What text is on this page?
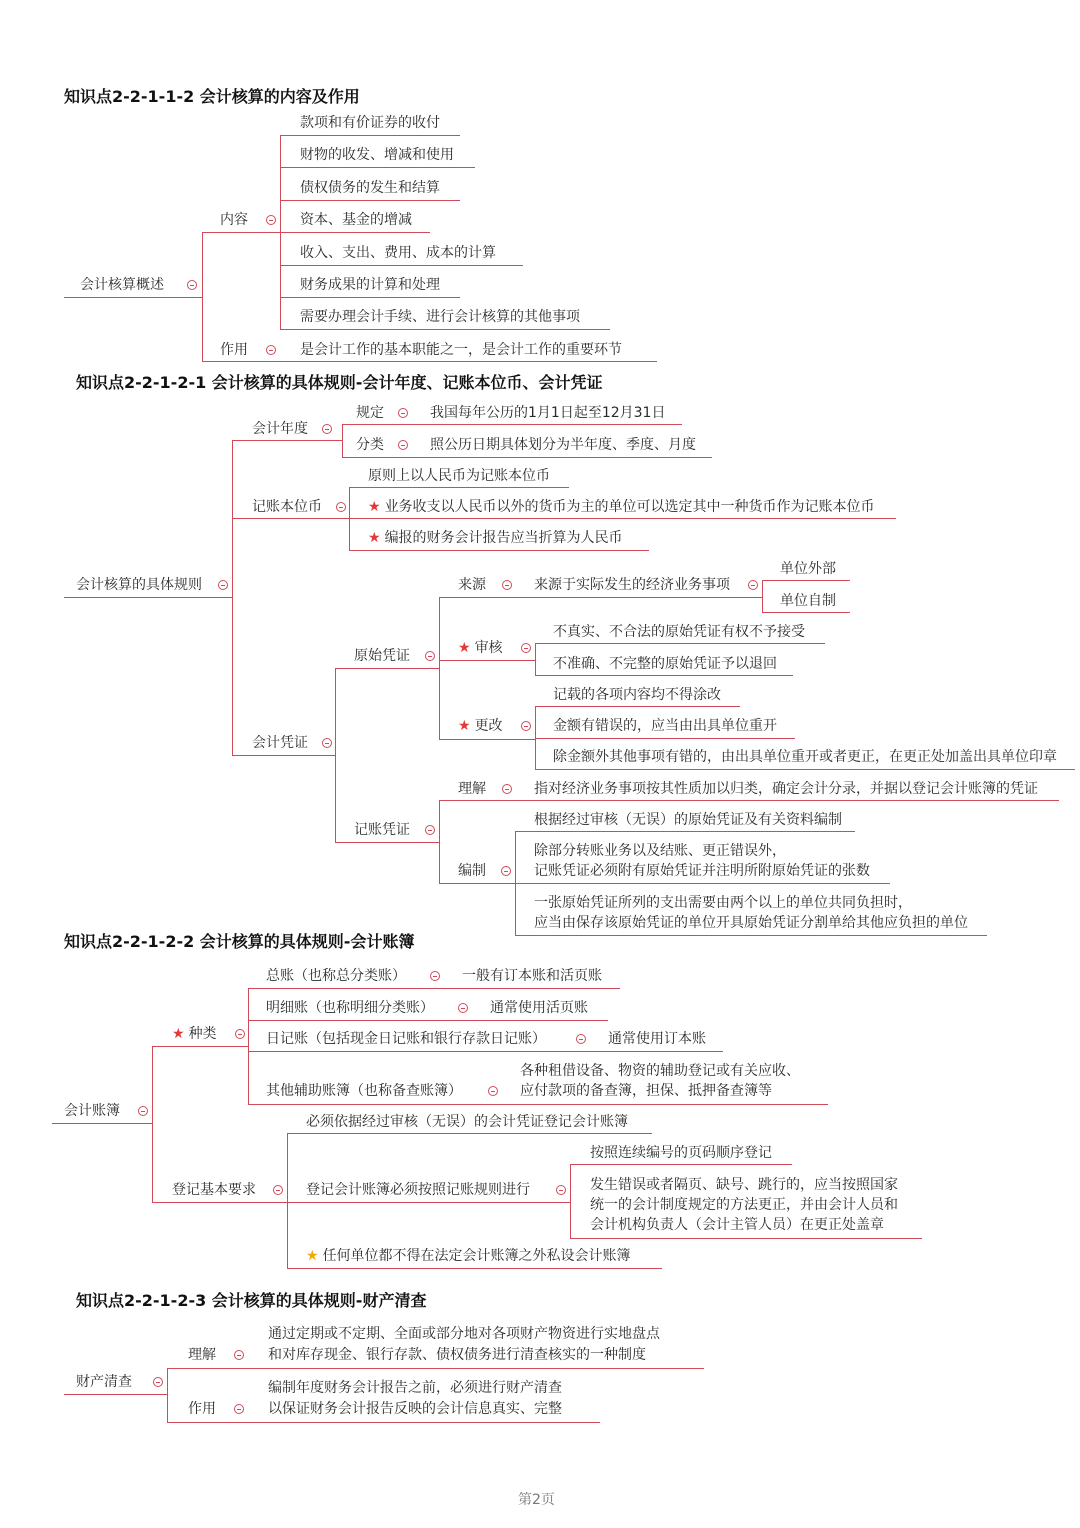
知识点2-2-1-1-2 会计核算的内容及作用
会计核算概述
内容
款项和有价证券的收付
财物的收发、增减和使用
债权债务的发生和结算
资本、基金的增减
收入、支出、费用、成本的计算
财务成果的计算和处理
需要办理会计手续、进行会计核算的其他事项
作用	是会计工作的基本职能之一，是会计工作的重要环节
知识点2-2-1-2-1 会计核算的具体规则-会计年度、记账本位币、会计凭证
会计核算的具体规则
会计年度
规定	我国每年公历的1月1日起至12月31日
分类	照公历日期具体划分为半年度、季度、月度
记账本位币
原则上以人民币为记账本位币
★ 业务收支以人民币以外的货币为主的单位可以选定其中一种货币作为记账本位币
★ 编报的财务会计报告应当折算为人民币
会计凭证
原始凭证
来源	来源于实际发生的经济业务事项
单位外部
单位自制
★ 审核
不真实、不合法的原始凭证有权不予接受
不准确、不完整的原始凭证予以退回
★ 更改
记载的各项内容均不得涂改
金额有错误的，应当由出具单位重开
除金额外其他事项有错的，由出具单位重开或者更正，在更正处加盖出具单位印章
记账凭证
理解	指对经济业务事项按其性质加以归类，确定会计分录，并据以登记会计账簿的凭证
编制
根据经过审核（无误）的原始凭证及有关资料编制
除部分转账业务以及结账、更正错误外，
记账凭证必须附有原始凭证并注明所附原始凭证的张数
一张原始凭证所列的支出需要由两个以上的单位共同负担时，
应当由保存该原始凭证的单位开具原始凭证分割单给其他应负担的单位
知识点2-2-1-2-2 会计核算的具体规则-会计账簿
会计账簿
★ 种类
总账（也称总分类账）	一般有订本账和活页账
明细账（也称明细分类账）	通常使用活页账
日记账（包括现金日记账和银行存款日记账）	通常使用订本账
其他辅助账簿（也称备查账簿）
各种租借设备、物资的辅助登记或有关应收、
应付款项的备查簿，担保、抵押备查簿等
登记基本要求
必须依据经过审核（无误）的会计凭证登记会计账簿
登记会计账簿必须按照记账规则进行
按照连续编号的页码顺序登记
发生错误或者隔页、缺号、跳行的，应当按照国家
统一的会计制度规定的方法更正，并由会计人员和
会计机构负责人（会计主管人员）在更正处盖章
★ 任何单位都不得在法定会计账簿之外私设会计账簿
知识点2-2-1-2-3 会计核算的具体规则-财产清查
财产清查
理解
通过定期或不定期、全面或部分地对各项财产物资进行实地盘点
和对库存现金、银行存款、债权债务进行清查核实的一种制度
作用
编制年度财务会计报告之前，必须进行财产清查
以保证财务会计报告反映的会计信息真实、完整
第2页
